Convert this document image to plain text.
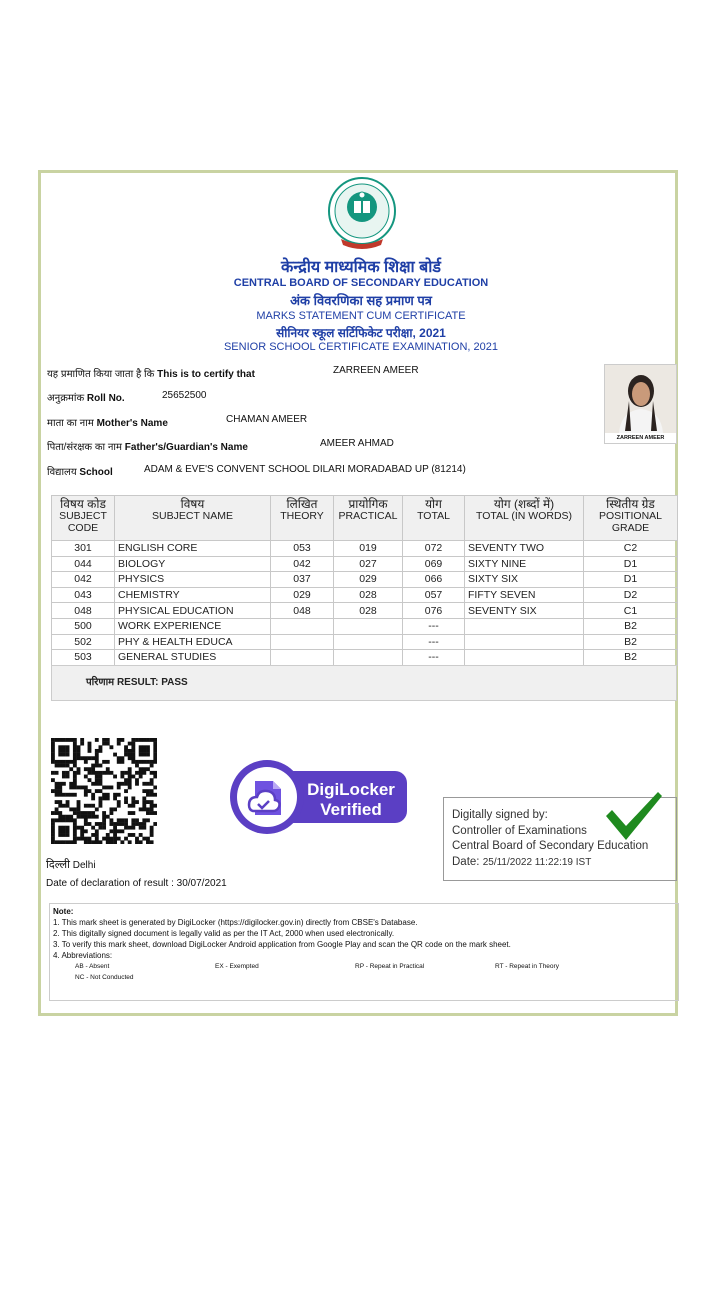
केन्द्रीय माध्यमिक शिक्षा बोर्ड
CENTRAL BOARD OF SECONDARY EDUCATION
अंक विवरणिका सह प्रमाण पत्र
MARKS STATEMENT CUM CERTIFICATE
सीनियर स्कूल सर्टिफिकेट परीक्षा, 2021
SENIOR SCHOOL CERTIFICATE EXAMINATION, 2021
यह प्रमाणित किया जाता है कि This is to certify that	ZARREEN AMEER
अनुक्रमांक Roll No.	25652500
माता का नाम Mother's Name	CHAMAN AMEER
पिता/संरक्षक का नाम Father's/Guardian's Name	AMEER AHMAD
विद्यालय School	ADAM & EVE'S CONVENT SCHOOL DILARI MORADABAD UP (81214)
ZARREEN AMEER
विषय कोड
SUBJECT
CODE	विषय
SUBJECT NAME	लिखित
THEORY	प्रायोगिक
PRACTICAL	योग
TOTAL	योग (शब्दों में)
TOTAL (IN WORDS)	स्थितीय ग्रेड
POSITIONAL
GRADE
301	ENGLISH CORE	053	019	072	SEVENTY TWO	C2
044	BIOLOGY	042	027	069	SIXTY NINE	D1
042	PHYSICS	037	029	066	SIXTY SIX	D1
043	CHEMISTRY	029	028	057	FIFTY SEVEN	D2
048	PHYSICAL EDUCATION	048	028	076	SEVENTY SIX	C1
500	WORK EXPERIENCE			---		B2
502	PHY & HEALTH EDUCA			---		B2
503	GENERAL STUDIES			---		B2
परिणाम RESULT: PASS
DigiLocker
Verified	Digitally signed by:
Controller of Examinations
Central Board of Secondary Education
Date: 25/11/2022 11:22:19 IST
दिल्ली Delhi
Date of declaration of result : 30/07/2021
Note:
1. This mark sheet is generated by DigiLocker (https://digilocker.gov.in) directly from CBSE's Database.
2. This digitally signed document is legally valid as per the IT Act, 2000 when used electronically.
3. To verify this mark sheet, download DigiLocker Android application from Google Play and scan the QR code on the mark sheet.
4. Abbreviations:
AB - Absent	EX - Exempted	RP - Repeat in Practical	RT - Repeat in Theory
NC - Not Conducted
